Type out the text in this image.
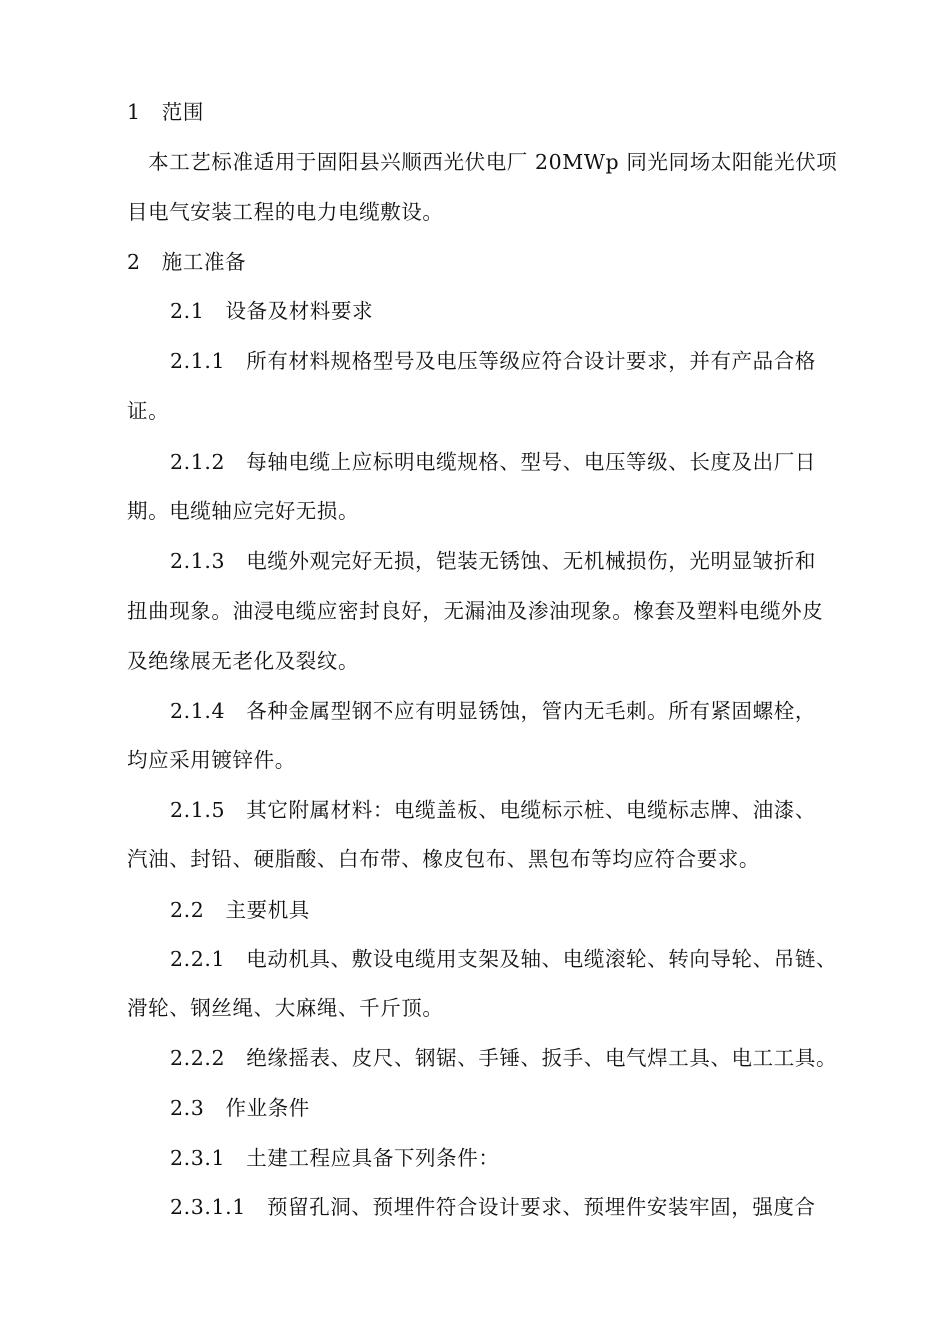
1　范围
　本工艺标准适用于固阳县兴顺西光伏电厂 20MWp 同光同场太阳能光伏项
目电气安装工程的电力电缆敷设。
2　施工准备
2.1　设备及材料要求
2.1.1　所有材料规格型号及电压等级应符合设计要求，并有产品合格
证。
2.1.2　每轴电缆上应标明电缆规格、型号、电压等级、长度及出厂日
期。电缆轴应完好无损。
2.1.3　电缆外观完好无损，铠装无锈蚀、无机械损伤，光明显皱折和
扭曲现象。油浸电缆应密封良好，无漏油及渗油现象。橡套及塑料电缆外皮
及绝缘展无老化及裂纹。
2.1.4　各种金属型钢不应有明显锈蚀，管内无毛刺。所有紧固螺栓，
均应采用镀锌件。
2.1.5　其它附属材料：电缆盖板、电缆标示桩、电缆标志牌、油漆、
汽油、封铅、硬脂酸、白布带、橡皮包布、黑包布等均应符合要求。
2.2　主要机具
2.2.1　电动机具、敷设电缆用支架及轴、电缆滚轮、转向导轮、吊链、
滑轮、钢丝绳、大麻绳、千斤顶。
2.2.2　绝缘摇表、皮尺、钢锯、手锤、扳手、电气焊工具、电工工具。
2.3　作业条件
2.3.1　土建工程应具备下列条件：
2.3.1.1　预留孔洞、预埋件符合设计要求、预埋件安装牢固，强度合
